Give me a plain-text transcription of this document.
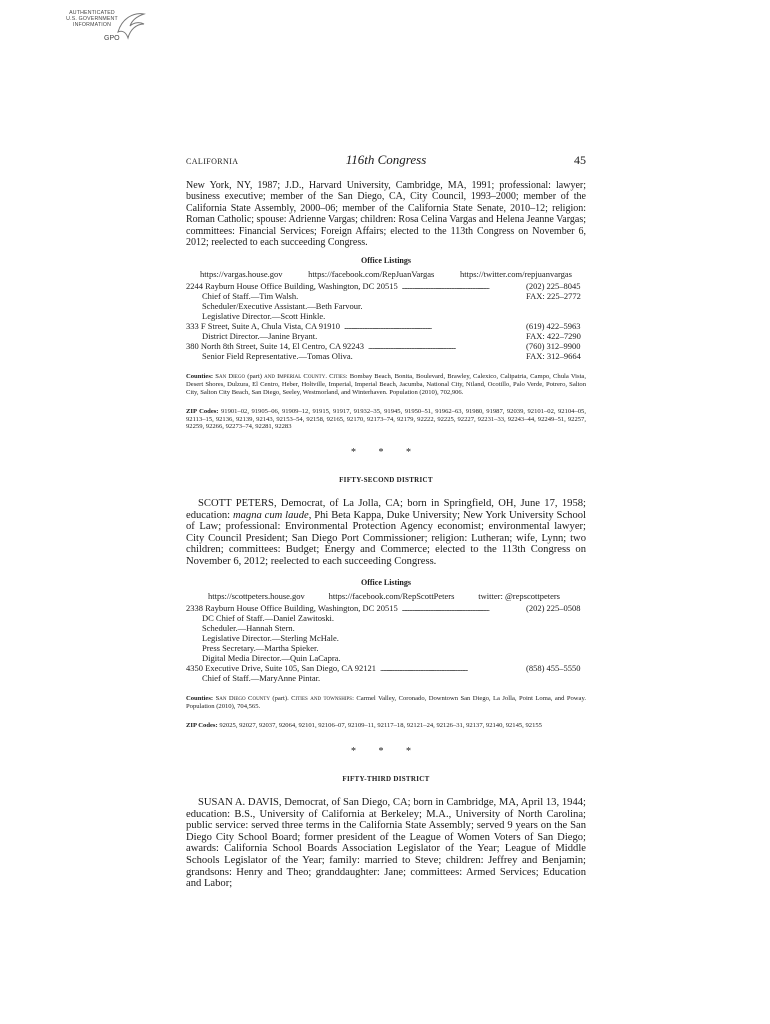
AUTHENTICATED
U.S. GOVERNMENT
INFORMATION
GPO
CALIFORNIA	116th Congress	45

New York, NY, 1987; J.D., Harvard University, Cambridge, MA, 1991; professional: lawyer; business executive; member of the San Diego, CA, City Council, 1993–2000; member of the California State Assembly, 2000–06; member of the California State Senate, 2010–12; religion: Roman Catholic; spouse: Adrienne Vargas; children: Rosa Celina Vargas and Helena Jeanne Vargas; committees: Financial Services; Foreign Affairs; elected to the 113th Congress on November 6, 2012; reelected to each succeeding Congress.

Office Listings
https://vargas.house.gov	https://facebook.com/RepJuanVargas	https://twitter.com/repjuanvargas
2244 Rayburn House Office Building, Washington, DC 20515 . . .	(202) 225–8045
Chief of Staff.—Tim Walsh.	FAX: 225–2772
Scheduler/Executive Assistant.—Beth Farvour.
Legislative Director.—Scott Hinkle.
333 F Street, Suite A, Chula Vista, CA 91910 . . .	(619) 422–5963
District Director.—Janine Bryant.	FAX: 422–7290
380 North 8th Street, Suite 14, El Centro, CA 92243 . . .	(760) 312–9900
Senior Field Representative.—Tomas Oliva.	FAX: 312–9664

Counties: San Diego (part) and Imperial County. Cities: Bombay Beach, Bonita, Boulevard, Brawley, Calexico, Calipatria, Campo, Chula Vista, Desert Shores, Dulzura, El Centro, Heber, Holtville, Imperial, Imperial Beach, Jacumba, National City, Niland, Ocotillo, Palo Verde, Potrero, Salton City, Salton City Beach, San Diego, Seeley, Westmorland, and Winterhaven. Population (2010), 702,906.

ZIP Codes: 91901–02, 91905–06, 91909–12, 91915, 91917, 91932–35, 91945, 91950–51, 91962–63, 91980, 91987, 92039, 92101–02, 92104–05, 92113–15, 92136, 92139, 92143, 92153–54, 92158, 92165, 92170, 92173–74, 92179, 92222, 92225, 92227, 92231–33, 92243–44, 92249–51, 92257, 92259, 92266, 92273–74, 92281, 92283

* * *
FIFTY-SECOND DISTRICT

SCOTT PETERS, Democrat, of La Jolla, CA; born in Springfield, OH, June 17, 1958; education: magna cum laude, Phi Beta Kappa, Duke University; New York University School of Law; professional: Environmental Protection Agency economist; environmental lawyer; City Council President; San Diego Port Commissioner; religion: Lutheran; wife, Lynn; two children; committees: Budget; Energy and Commerce; elected to the 113th Congress on November 6, 2012; reelected to each succeeding Congress.

Office Listings
https://scottpeters.house.gov	https://facebook.com/RepScottPeters	twitter: @repscottpeters
2338 Rayburn House Office Building, Washington, DC 20515 . . .	(202) 225–0508
DC Chief of Staff.—Daniel Zawitoski.
Scheduler.—Hannah Stern.
Legislative Director.—Sterling McHale.
Press Secretary.—Martha Spieker.
Digital Media Director.—Quin LaCapra.
4350 Executive Drive, Suite 105, San Diego, CA 92121 . . .	(858) 455–5550
Chief of Staff.—MaryAnne Pintar.

Counties: San Diego County (part). Cities and townships: Carmel Valley, Coronado, Downtown San Diego, La Jolla, Point Loma, and Poway. Population (2010), 704,565.

ZIP Codes: 92025, 92027, 92037, 92064, 92101, 92106–07, 92109–11, 92117–18, 92121–24, 92126–31, 92137, 92140, 92145, 92155

* * *
FIFTY-THIRD DISTRICT

SUSAN A. DAVIS, Democrat, of San Diego, CA; born in Cambridge, MA, April 13, 1944; education: B.S., University of California at Berkeley; M.A., University of North Carolina; public service: served three terms in the California State Assembly; served 9 years on the San Diego City School Board; former president of the League of Women Voters of San Diego; awards: California School Boards Association Legislator of the Year; League of Middle Schools Legislator of the Year; family: married to Steve; children: Jeffrey and Benjamin; grandsons: Henry and Theo; granddaughter: Jane; committees: Armed Services; Education and Labor;
